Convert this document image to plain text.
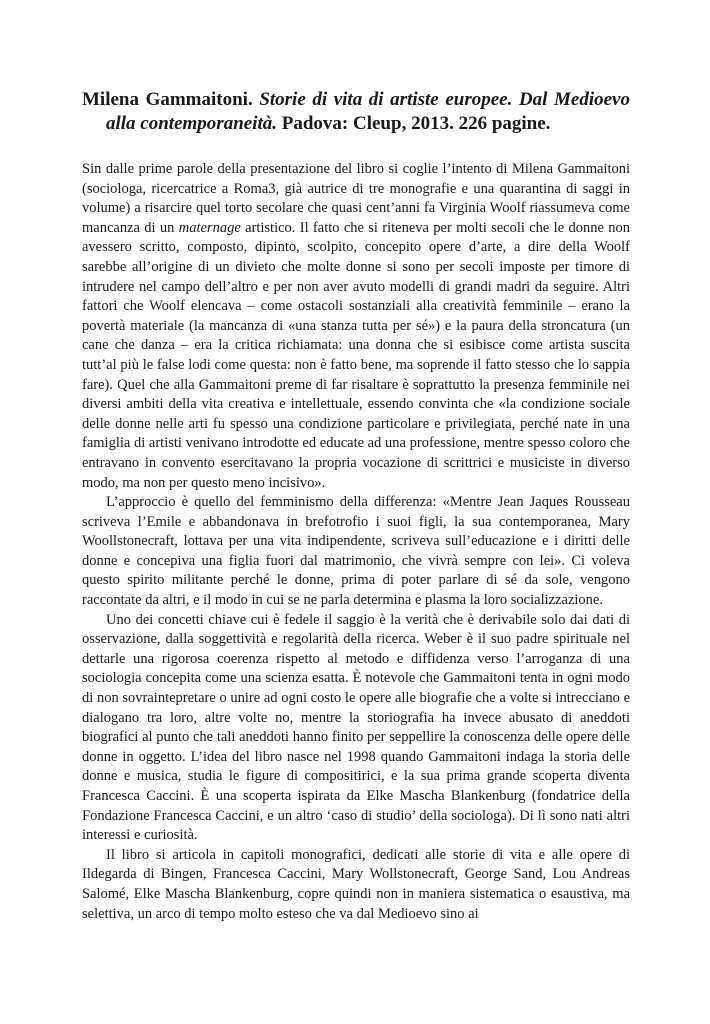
Milena Gammaitoni. Storie di vita di artiste europee. Dal Medioevo alla contemporaneità. Padova: Cleup, 2013. 226 pagine.

Sin dalle prime parole della presentazione del libro si coglie l’intento di Milena Gammaitoni (sociologa, ricercatrice a Roma3, già autrice di tre monografie e una quarantina di saggi in volume) a risarcire quel torto secolare che quasi cent’anni fa Virginia Woolf riassumeva come mancanza di un maternage artistico. Il fatto che si riteneva per molti secoli che le donne non avessero scritto, composto, dipinto, scolpito, concepito opere d’arte, a dire della Woolf sarebbe all’origine di un divieto che molte donne si sono per secoli imposte per timore di intrudere nel campo dell’altro e per non aver avuto modelli di grandi madri da seguire. Altri fattori che Woolf elencava – come ostacoli sostanziali alla creatività femminile – erano la povertà materiale (la mancanza di «una stanza tutta per sé») e la paura della stroncatura (un cane che danza – era la critica richiamata: una donna che si esibisce come artista suscita tutt’al più le false lodi come questa: non è fatto bene, ma soprende il fatto stesso che lo sappia fare). Quel che alla Gammaitoni preme di far risaltare è soprattutto la presenza femminile nei diversi ambiti della vita creativa e intellettuale, essendo convinta che «la condizione sociale delle donne nelle arti fu spesso una condizione particolare e privilegiata, perché nate in una famiglia di artisti venivano introdotte ed educate ad una professione, mentre spesso coloro che entravano in convento esercitavano la propria vocazione di scrittrici e musiciste in diverso modo, ma non per questo meno incisivo».

L’approccio è quello del femminismo della differenza: «Mentre Jean Jaques Rousseau scriveva l’Emile e abbandonava in brefotrofio i suoi figli, la sua contemporanea, Mary Woollstonecraft, lottava per una vita indipendente, scriveva sull’educazione e i diritti delle donne e concepiva una figlia fuori dal matrimonio, che vivrà sempre con lei». Ci voleva questo spirito militante perché le donne, prima di poter parlare di sé da sole, vengono raccontate da altri, e il modo in cui se ne parla determina e plasma la loro socializzazione.

Uno dei concetti chiave cui è fedele il saggio è la verità che è derivabile solo dai dati di osservazione, dalla soggettività e regolarità della ricerca. Weber è il suo padre spirituale nel dettarle una rigorosa coerenza rispetto al metodo e diffidenza verso l’arroganza di una sociologia concepita come una scienza esatta. È notevole che Gammaitoni tenta in ogni modo di non sovraintepretare o unire ad ogni costo le opere alle biografie che a volte si intrecciano e dialogano tra loro, altre volte no, mentre la storiografia ha invece abusato di aneddoti biografici al punto che tali aneddoti hanno finito per seppellire la conoscenza delle opere delle donne in oggetto. L’idea del libro nasce nel 1998 quando Gammaitoni indaga la storia delle donne e musica, studia le figure di compositirici, e la sua prima grande scoperta diventa Francesca Caccini. È una scoperta ispirata da Elke Mascha Blankenburg (fondatrice della Fondazione Francesca Caccini, e un altro ‘caso di studio’ della sociologa). Di lì sono nati altri interessi e curiosità.

Il libro si articola in capitoli monografici, dedicati alle storie di vita e alle opere di Ildegarda di Bingen, Francesca Caccini, Mary Wollstonecraft, George Sand, Lou Andreas Salomé, Elke Mascha Blankenburg, copre quindi non in maniera sistematica o esaustiva, ma selettiva, un arco di tempo molto esteso che va dal Medioevo sino ai
